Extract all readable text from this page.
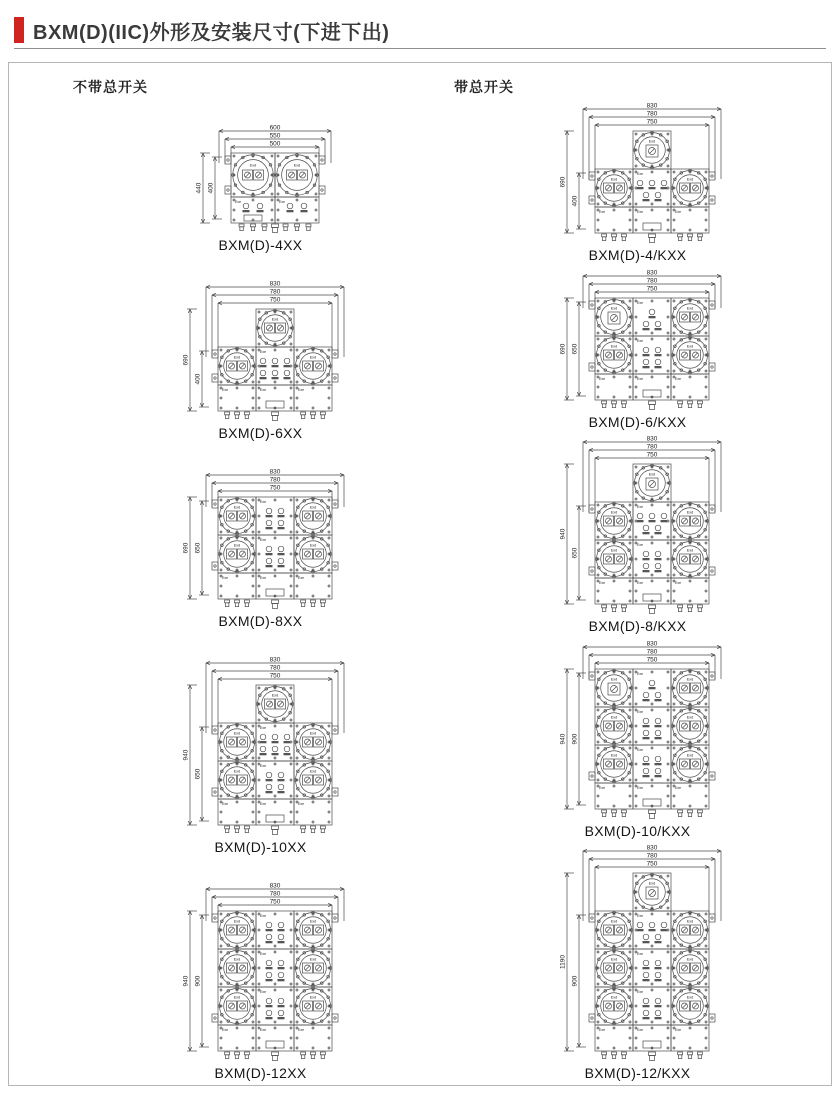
BXM(D)(IIC)外形及安装尺寸(下进下出)
不带总开关
600
550
500
440 400
Exd	Exd
Exe	Exe
BXM(D)-4XX
830
780
750
690
400
Exd
Exd
Exe
Exd
Exe	Exe	Exe
BXM(D)-6XX
830
780
750
690 650
Exd
Exe
Exd
Exd
Exe
Exd
Exe	Exe	Exe
BXM(D)-8XX
830
780
750
940
650
Exd
Exd
Exe
Exd
Exd
Exe
Exd
Exe	Exe	Exe
BXM(D)-10XX
830
780
750
940 900
Exd
Exe
Exd
Exd
Exe
Exd
Exd
Exe
Exd
Exe	Exe	Exe
BXM(D)-12XX
带总开关
830
780
750
690
400
Exd
Exd
Exe
Exd
Exe	Exe	Exe
BXM(D)-4/KXX
830
780
750
690 650
Exd
Exe
Exd
Exd
Exe
Exd
Exe	Exe	Exe
BXM(D)-6/KXX
830
780
750
940
650
Exd
Exd
Exe
Exd
Exd
Exe
Exd
Exe	Exe	Exe
BXM(D)-8/KXX
830
780
750
940 900
Exd
Exe
Exd
Exd
Exe
Exd
Exd
Exe
Exd
Exe	Exe	Exe
BXM(D)-10/KXX
830
780
750
1190
900
Exd
Exd
Exe
Exd
Exd
Exe
Exd
Exd
Exe
Exd
Exe	Exe	Exe
BXM(D)-12/KXX
